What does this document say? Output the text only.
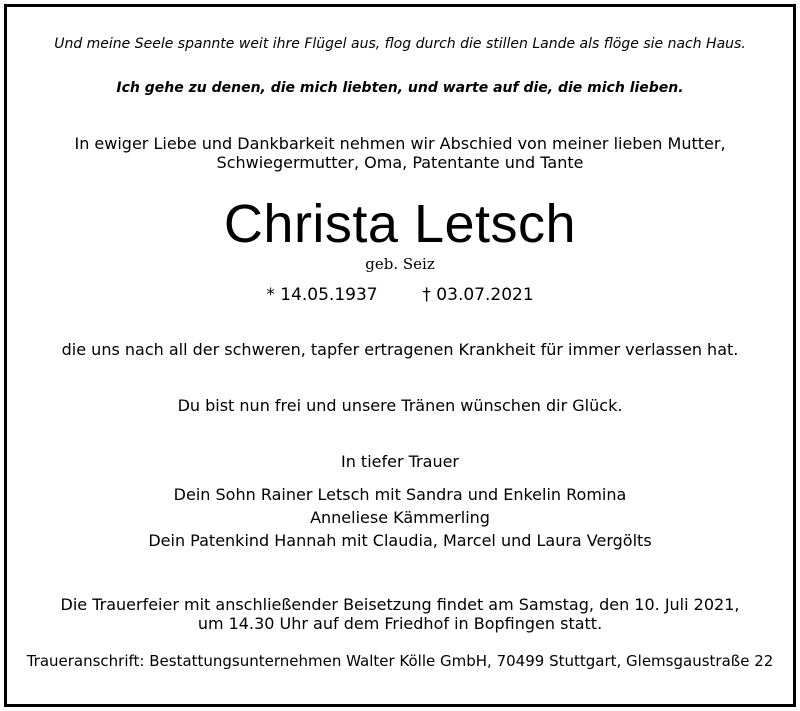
Und meine Seele spannte weit ihre Flügel aus, flog durch die stillen Lande als flöge sie nach Haus.
Ich gehe zu denen, die mich liebten, und warte auf die, die mich lieben.
In ewiger Liebe und Dankbarkeit nehmen wir Abschied von meiner lieben Mutter,
Schwiegermutter, Oma, Patentante und Tante
Christa Letsch
geb. Seiz
* 14.05.1937	† 03.07.2021
die uns nach all der schweren, tapfer ertragenen Krankheit für immer verlassen hat.
Du bist nun frei und unsere Tränen wünschen dir Glück.
In tiefer Trauer
Dein Sohn Rainer Letsch mit Sandra und Enkelin Romina
Anneliese Kämmerling
Dein Patenkind Hannah mit Claudia, Marcel und Laura Vergölts
Die Trauerfeier mit anschließender Beisetzung findet am Samstag, den 10. Juli 2021,
um 14.30 Uhr auf dem Friedhof in Bopfingen statt.
Traueranschrift: Bestattungsunternehmen Walter Kölle GmbH, 70499 Stuttgart, Glemsgaustraße 22
